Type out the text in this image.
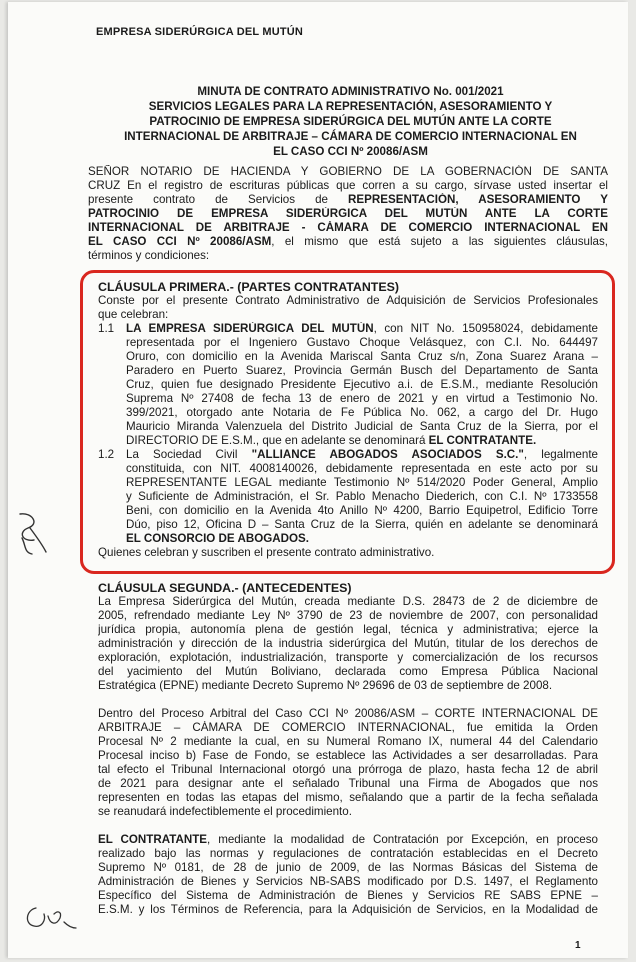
EMPRESA SIDERÚRGICA DEL MUTÚN
MINUTA DE CONTRATO ADMINISTRATIVO No. 001/2021
SERVICIOS LEGALES PARA LA REPRESENTACIÓN, ASESORAMIENTO Y
PATROCINIO DE EMPRESA SIDERÚRGICA DEL MUTÚN ANTE LA CORTE
INTERNACIONAL DE ARBITRAJE – CÁMARA DE COMERCIO INTERNACIONAL EN
EL CASO CCI Nº 20086/ASM
SEÑOR NOTARIO DE HACIENDA Y GOBIERNO DE LA GOBERNACIÓN DE SANTA
CRUZ En el registro de escrituras públicas que corren a su cargo, sírvase usted insertar el
presente contrato de Servicios de REPRESENTACIÓN, ASESORAMIENTO Y
PATROCINIO DE EMPRESA SIDERÚRGICA DEL MUTÚN ANTE LA CORTE
INTERNACIONAL DE ARBITRAJE - CÁMARA DE COMERCIO INTERNACIONAL EN
EL CASO CCI Nº 20086/ASM, el mismo que está sujeto a las siguientes cláusulas,
términos y condiciones:
CLÁUSULA PRIMERA.- (PARTES CONTRATANTES)
Conste por el presente Contrato Administrativo de Adquisición de Servicios Profesionales
que celebran:
1.1 LA EMPRESA SIDERÚRGICA DEL MUTÚN, con NIT No. 150958024, debidamente
representada por el Ingeniero Gustavo Choque Velásquez, con C.I. No. 644497
Oruro, con domicilio en la Avenida Mariscal Santa Cruz s/n, Zona Suarez Arana –
Paradero en Puerto Suarez, Provincia Germán Busch del Departamento de Santa
Cruz, quien fue designado Presidente Ejecutivo a.i. de E.S.M., mediante Resolución
Suprema Nº 27408 de fecha 13 de enero de 2021 y en virtud a Testimonio No.
399/2021, otorgado ante Notaria de Fe Pública No. 062, a cargo del Dr. Hugo
Mauricio Miranda Valenzuela del Distrito Judicial de Santa Cruz de la Sierra, por el
DIRECTORIO DE E.S.M., que en adelante se denominará EL CONTRATANTE.
1.2 La Sociedad Civil "ALLIANCE ABOGADOS ASOCIADOS S.C.", legalmente
constituida, con NIT. 4008140026, debidamente representada en este acto por su
REPRESENTANTE LEGAL mediante Testimonio Nº 514/2020 Poder General, Amplio
y Suficiente de Administración, el Sr. Pablo Menacho Diederich, con C.I. Nº 1733558
Beni, con domicilio en la Avenida 4to Anillo Nº 4200, Barrio Equipetrol, Edificio Torre
Dúo, piso 12, Oficina D – Santa Cruz de la Sierra, quién en adelante se denominará
EL CONSORCIO DE ABOGADOS.
Quienes celebran y suscriben el presente contrato administrativo.
CLÁUSULA SEGUNDA.- (ANTECEDENTES)
La Empresa Siderúrgica del Mutún, creada mediante D.S. 28473 de 2 de diciembre de
2005, refrendado mediante Ley Nº 3790 de 23 de noviembre de 2007, con personalidad
jurídica propia, autonomía plena de gestión legal, técnica y administrativa; ejerce la
administración y dirección de la industria siderúrgica del Mutún, titular de los derechos de
exploración, explotación, industrialización, transporte y comercialización de los recursos
del yacimiento del Mutún Boliviano, declarada como Empresa Pública Nacional
Estratégica (EPNE) mediante Decreto Supremo Nº 29696 de 03 de septiembre de 2008.
Dentro del Proceso Arbitral del Caso CCI Nº 20086/ASM – CORTE INTERNACIONAL DE
ARBITRAJE – CÁMARA DE COMERCIO INTERNACIONAL, fue emitida la Orden
Procesal Nº 2 mediante la cual, en su Numeral Romano IX, numeral 44 del Calendario
Procesal inciso b) Fase de Fondo, se establece las Actividades a ser desarrolladas. Para
tal efecto el Tribunal Internacional otorgó una prórroga de plazo, hasta fecha 12 de abril
de 2021 para designar ante el señalado Tribunal una Firma de Abogados que nos
representen en todas las etapas del mismo, señalando que a partir de la fecha señalada
se reanudará indefectiblemente el procedimiento.
EL CONTRATANTE, mediante la modalidad de Contratación por Excepción, en proceso
realizado bajo las normas y regulaciones de contratación establecidas en el Decreto
Supremo Nº 0181, de 28 de junio de 2009, de las Normas Básicas del Sistema de
Administración de Bienes y Servicios NB-SABS modificado por D.S. 1497, el Reglamento
Específico del Sistema de Administración de Bienes y Servicios RE SABS EPNE –
E.S.M. y los Términos de Referencia, para la Adquisición de Servicios, en la Modalidad de
1
